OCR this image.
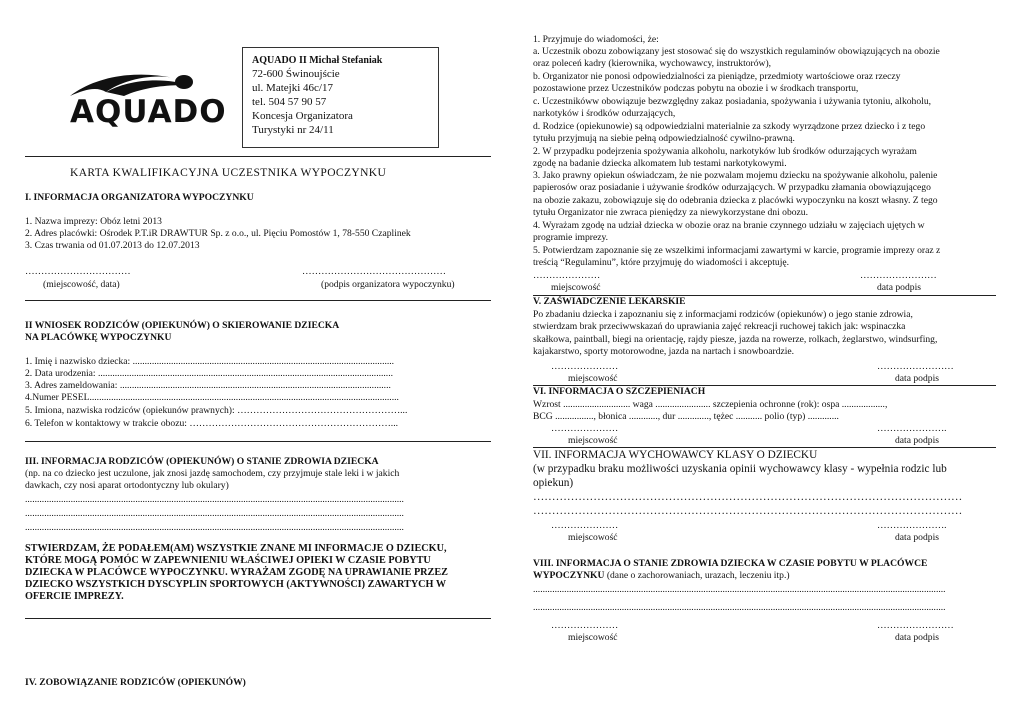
AQUADO
AQUADO II Michał Stefaniak
72-600 Świnoujście
ul. Matejki 46c/17
tel. 504 57 90 57
Koncesja Organizatora
Turystyki nr 24/11
KARTA KWALIFIKACYJNA UCZESTNIKA WYPOCZYNKU
I. INFORMACJA ORGANIZATORA WYPOCZYNKU
1. Nazwa imprezy: Obóz letni 2013
2. Adres placówki: Ośrodek P.T.iR DRAWTUR Sp. z o.o., ul. Pięciu Pomostów 1, 78-550 Czaplinek
3. Czas trwania od 01.07.2013 do 12.07.2013
……………………………	………………………………………
(miejscowość, data)	(podpis organizatora wypoczynku)
II WNIOSEK RODZICÓW (OPIEKUNÓW) O SKIEROWANIE DZIECKA
NA PLACÓWKĘ WYPOCZYNKU
1. Imię i nazwisko dziecka: .............................................................................................................
2. Data urodzenia: ...........................................................................................................................
3. Adres zameldowania: .................................................................................................................
4.Numer PESEL.................................................................................................................................
5. Imiona, nazwiska rodziców (opiekunów prawnych): ……………………………………………...
6. Telefon w kontaktowy w trakcie obozu: ………………………………………………………...
III. INFORMACJA RODZICÓW (OPIEKUNÓW) O STANIE ZDROWIA DZIECKA
(np. na co dziecko jest uczulone, jak znosi jazdę samochodem, czy przyjmuje stale leki i w jakich
dawkach, czy nosi aparat ortodontyczny lub okulary)
..............................................................................................................................................................
..............................................................................................................................................................
..............................................................................................................................................................
STWIERDZAM, ŻE PODAŁEM(AM) WSZYSTKIE ZNANE MI INFORMACJE O DZIECKU,
KTÓRE MOGĄ POMÓC W ZAPEWNIENIU WŁAŚCIWEJ OPIEKI W CZASIE POBYTU
DZIECKA W PLACÓWCE WYPOCZYNKU. WYRAŻAM ZGODĘ NA UPRAWIANIE PRZEZ
DZIECKO WSZYSTKICH DYSCYPLIN SPORTOWYCH (AKTYWNOŚCI) ZAWARTYCH W
OFERCIE IMPREZY.
IV. ZOBOWIĄZANIE RODZICÓW (OPIEKUNÓW)
1. Przyjmuje do wiadomości, że:
a. Uczestnik obozu zobowiązany jest stosować się do wszystkich regulaminów obowiązujących na obozie
oraz poleceń kadry (kierownika, wychowawcy, instruktorów),
b. Organizator nie ponosi odpowiedzialności za pieniądze, przedmioty wartościowe oraz rzeczy
pozostawione przez Uczestników podczas pobytu na obozie i w środkach transportu,
c. Uczestnikóww obowiązuje bezwzględny zakaz posiadania, spożywania i używania tytoniu, alkoholu,
narkotyków i środków odurzających,
d. Rodzice (opiekunowie) są odpowiedzialni materialnie za szkody wyrządzone przez dziecko i z tego
tytułu przyjmują na siebie pełną odpowiedzialność cywilno-prawną.
2. W przypadku podejrzenia spożywania alkoholu, narkotyków lub środków odurzających wyrażam
zgodę na badanie dziecka alkomatem lub testami narkotykowymi.
3. Jako prawny opiekun oświadczam, że nie pozwalam mojemu dziecku na spożywanie alkoholu, palenie
papierosów oraz posiadanie i używanie środków odurzających. W przypadku złamania obowiązującego
na obozie zakazu, zobowiązuje się do odebrania dziecka z placówki wypoczynku na koszt własny. Z tego
tytułu Organizator nie zwraca pieniędzy za niewykorzystane dni obozu.
4. Wyrażam zgodę na udział dziecka w obozie oraz na branie czynnego udziału w zajęciach ujętych w
programie imprezy.
5. Potwierdzam zapoznanie się ze wszelkimi informacjami zawartymi w karcie, programie imprezy oraz z
treścią “Regulaminu”, które przyjmuję do wiadomości i akceptuję.
…………………	……………………
miejscowość	data podpis
V. ZAŚWIADCZENIE LEKARSKIE
Po zbadaniu dziecka i zapoznaniu się z informacjami rodziców (opiekunów) o jego stanie zdrowia,
stwierdzam brak przeciwwskazań do uprawiania zajęć rekreacji ruchowej takich jak: wspinaczka
skałkowa, paintball, biegi na orientację, rajdy piesze, jazda na rowerze, rolkach, żeglarstwo, windsurfing,
kajakarstwo, sporty motorowodne, jazda na nartach i snowboardzie.
…………………	……………………
miejscowość	data podpis
VI. INFORMACJA O SZCZEPIENIACH
Wzrost ............................ waga ....................... szczepienia ochronne (rok): ospa ..................,
BCG ................, błonica ............, dur ............., tężec ........... polio (typ) .............
…………………	………………….
miejscowość	data podpis
VII. INFORMACJA WYCHOWAWCY KLASY O DZIECKU
(w przypadku braku możliwości uzyskania opinii wychowawcy klasy - wypełnia rodzic lub
opiekun)
……………………………………………………………………………………………………
……………………………………………………………………………………………………
…………………	………………….
miejscowość	data podpis
VIII. INFORMACJA O STANIE ZDROWIA DZIECKA W CZASIE POBYTU W PLACÓWCE
WYPOCZYNKU (dane o zachorowaniach, urazach, leczeniu itp.)
............................................................................................................................................................................
............................................................................................................................................................................
…………………	……………………
miejscowość	data podpis
